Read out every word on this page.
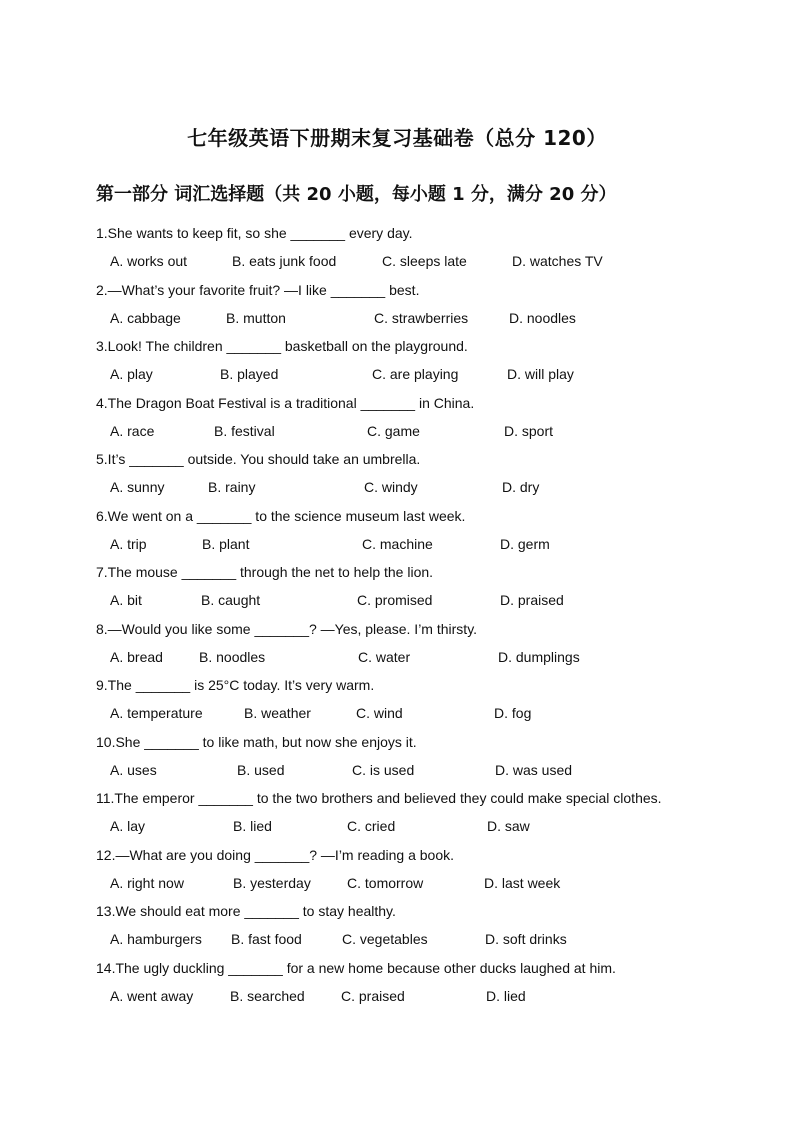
七年级英语下册期末复习基础卷（总分 120）
第一部分 词汇选择题（共 20 小题，每小题 1 分，满分 20 分）
1.She wants to keep fit, so she _______ every day.
A. works out	B. eats junk food	C. sleeps late	D. watches TV
2.—What’s your favorite fruit? —I like _______ best.
A. cabbage	B. mutton	C. strawberries	D. noodles
3.Look! The children _______ basketball on the playground.
A. play	B. played	C. are playing	D. will play
4.The Dragon Boat Festival is a traditional _______ in China.
A. race	B. festival	C. game	D. sport
5.It’s _______ outside. You should take an umbrella.
A. sunny	B. rainy	C. windy	D. dry
6.We went on a _______ to the science museum last week.
A. trip	B. plant	C. machine	D. germ
7.The mouse _______ through the net to help the lion.
A. bit	B. caught	C. promised	D. praised
8.—Would you like some _______? —Yes, please. I’m thirsty.
A. bread	B. noodles	C. water	D. dumplings
9.The _______ is 25°C today. It’s very warm.
A. temperature	B. weather	C. wind	D. fog
10.She _______ to like math, but now she enjoys it.
A. uses	B. used	C. is used	D. was used
11.The emperor _______ to the two brothers and believed they could make special clothes.
A. lay	B. lied	C. cried	D. saw
12.—What are you doing _______? —I’m reading a book.
A. right now	B. yesterday	C. tomorrow	D. last week
13.We should eat more _______ to stay healthy.
A. hamburgers B. fast food	C. vegetables	D. soft drinks
14.The ugly duckling _______ for a new home because other ducks laughed at him.
A. went away	B. searched	C. praised	D. lied
